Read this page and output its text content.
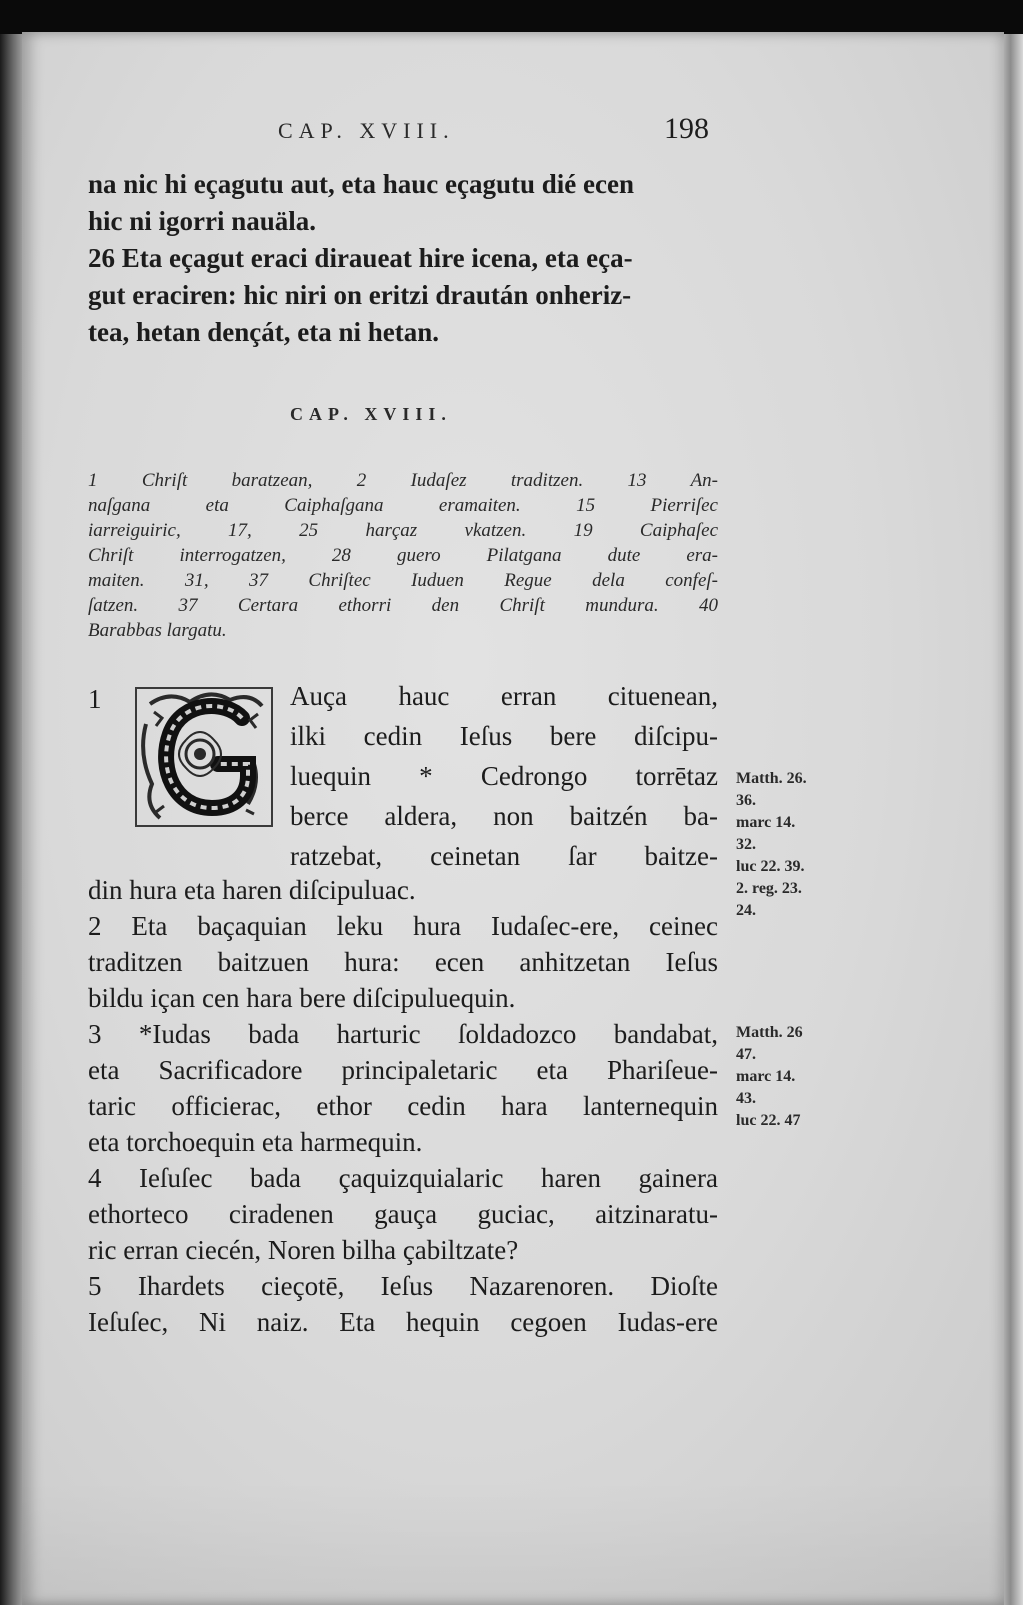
CAP. XVIII.	198
na nic hi eçagutu aut, eta hauc eçagutu dié ecen
hic ni igorri nauäla.
26 Eta eçagut eraci diraueat hire icena, eta eça-
gut eraciren: hic niri on eritzi draután onheriz-
tea, hetan dençát, eta ni hetan.
CAP. XVIII.
1 Chriſt baratzean, 2 Iudaſez traditzen. 13 An-
naſgana eta Caiphaſgana eramaiten. 15 Pierriſec
iarreiguiric, 17, 25 harçaz vkatzen. 19 Caiphaſec
Chriſt interrogatzen, 28 guero Pilatgana dute era-
maiten. 31, 37 Chriſtec Iuduen Regue dela confeſ-
ſatzen. 37 Certara ethorri den Chriſt mundura. 40
Barabbas largatu.
1	Auça hauc erran cituenean,
ilki cedin Ieſus bere diſcipu-
luequin * Cedrongo torrētaz
berce aldera, non baitzén ba-
ratzebat, ceinetan ſar baitze-
din hura eta haren diſcipuluac.
2 Eta baçaquian leku hura Iudaſec-ere, ceinec
traditzen baitzuen hura: ecen anhitzetan Ieſus
bildu içan cen hara bere diſcipuluequin.
3 *Iudas bada harturic ſoldadozco bandabat,
eta Sacrificadore principaletaric eta Phariſeue-
taric officierac, ethor cedin hara lanternequin
eta torchoequin eta harmequin.
4 Ieſuſec bada çaquizquialaric haren gainera
ethorteco ciradenen gauça guciac, aitzinaratu-
ric erran ciecén, Noren bilha çabiltzate?
5 Ihardets cieçotē, Ieſus Nazarenoren. Dioſte
Ieſuſec, Ni naiz. Eta hequin cegoen Iudas-ere
Matth. 26.
36.
marc 14.
32.
luc 22. 39.
2. reg. 23.
24.
Matth. 26
47.
marc 14.
43.
luc 22. 47
